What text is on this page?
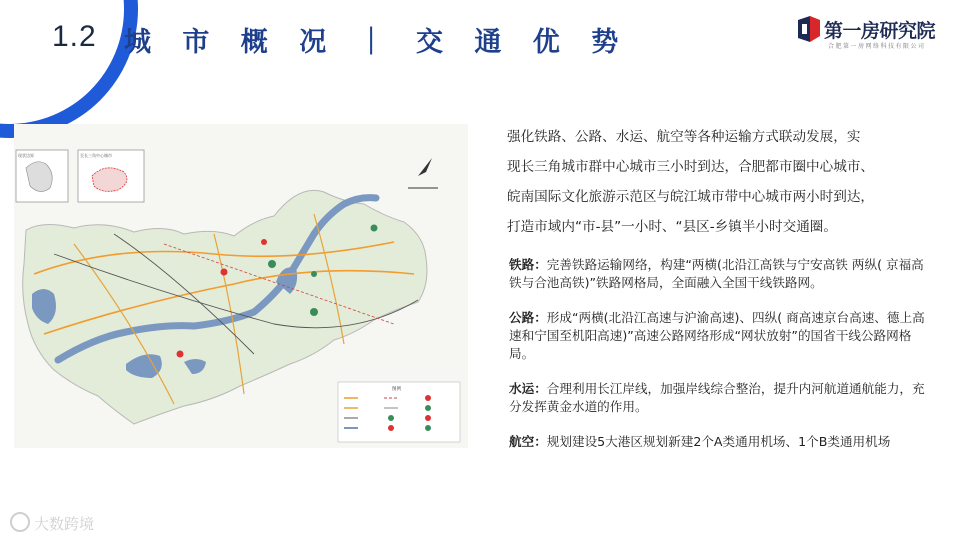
1.2 城 市 概 况 ｜ 交 通 优 势	第一房研究院
合肥第一房网络科技有限公司
现状边界	至长三角中心城市
图例

强化铁路、公路、水运、航空等各种运输方式联动发展，实

现长三角城市群中心城市三小时到达，合肥都市圈中心城市、

皖南国际文化旅游示范区与皖江城市带中心城市两小时到达，

打造市域内“市-县”一小时、“县区-乡镇半小时交通圈。

铁路：完善铁路运输网络，构建“两横(北沿江高铁与宁安高铁 两纵( 京福高铁与合池高铁)”铁路网格局，全面融入全国干线铁路网。
公路：形成“两横(北沿江高速与沪渝高速)、四纵( 商高速京台高速、德上高速和宁国至机阳高速)”高速公路网络形成“网状放射”的国省干线公路网格局。
水运：合理利用长江岸线，加强岸线综合整治，提升内河航道通航能力，充分发挥黄金水道的作用。
航空：规划建设5大港区规划新建2个A类通用机场、1个B类通用机场
大数跨境
